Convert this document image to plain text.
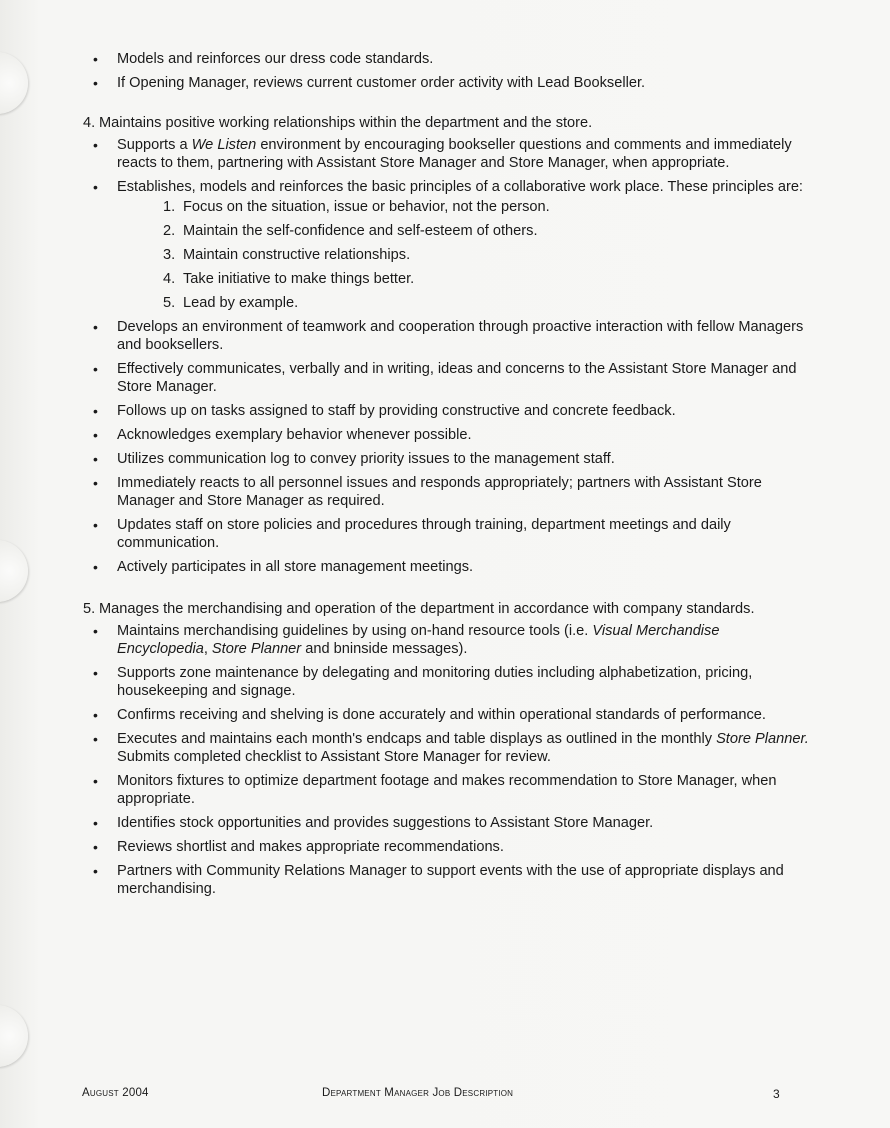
• Models and reinforces our dress code standards.
• If Opening Manager, reviews current customer order activity with Lead Bookseller.
4. Maintains positive working relationships within the department and the store.
• Supports a We Listen environment by encouraging bookseller questions and comments and immediately reacts to them, partnering with Assistant Store Manager and Store Manager, when appropriate.
• Establishes, models and reinforces the basic principles of a collaborative work place. These principles are:
1. Focus on the situation, issue or behavior, not the person.
2. Maintain the self-confidence and self-esteem of others.
3. Maintain constructive relationships.
4. Take initiative to make things better.
5. Lead by example.
• Develops an environment of teamwork and cooperation through proactive interaction with fellow Managers and booksellers.
• Effectively communicates, verbally and in writing, ideas and concerns to the Assistant Store Manager and Store Manager.
• Follows up on tasks assigned to staff by providing constructive and concrete feedback.
• Acknowledges exemplary behavior whenever possible.
• Utilizes communication log to convey priority issues to the management staff.
• Immediately reacts to all personnel issues and responds appropriately; partners with Assistant Store Manager and Store Manager as required.
• Updates staff on store policies and procedures through training, department meetings and daily communication.
• Actively participates in all store management meetings.
5. Manages the merchandising and operation of the department in accordance with company standards.
• Maintains merchandising guidelines by using on-hand resource tools (i.e. Visual Merchandise Encyclopedia, Store Planner and bninside messages).
• Supports zone maintenance by delegating and monitoring duties including alphabetization, pricing, housekeeping and signage.
• Confirms receiving and shelving is done accurately and within operational standards of performance.
• Executes and maintains each month's endcaps and table displays as outlined in the monthly Store Planner. Submits completed checklist to Assistant Store Manager for review.
• Monitors fixtures to optimize department footage and makes recommendation to Store Manager, when appropriate.
• Identifies stock opportunities and provides suggestions to Assistant Store Manager.
• Reviews shortlist and makes appropriate recommendations.
• Partners with Community Relations Manager to support events with the use of appropriate displays and merchandising.
August 2004	Department Manager Job Description	3
